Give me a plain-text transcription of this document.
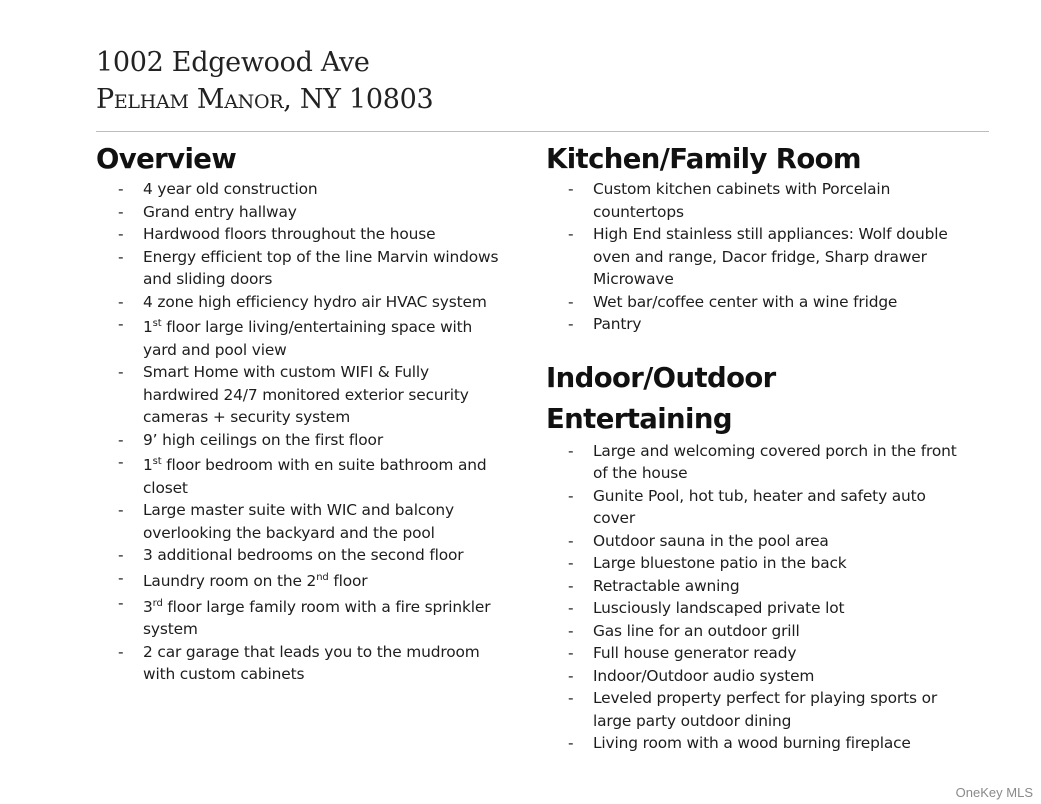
1002 Edgewood Ave
Pelham Manor, NY 10803
Overview
- 4 year old construction
- Grand entry hallway
- Hardwood floors throughout the house
- Energy efficient top of the line Marvin windows and sliding doors
- 4 zone high efficiency hydro air HVAC system
- 1st floor large living/entertaining space with yard and pool view
- Smart Home with custom WIFI & Fully hardwired 24/7 monitored exterior security cameras + security system
- 9’ high ceilings on the first floor
- 1st floor bedroom with en suite bathroom and closet
- Large master suite with WIC and balcony overlooking the backyard and the pool
- 3 additional bedrooms on the second floor
- Laundry room on the 2nd floor
- 3rd floor large family room with a fire sprinkler system
- 2 car garage that leads you to the mudroom with custom cabinets
Kitchen/Family Room
- Custom kitchen cabinets with Porcelain countertops
- High End stainless still appliances: Wolf double oven and range, Dacor fridge, Sharp drawer Microwave
- Wet bar/coffee center with a wine fridge
- Pantry
Indoor/Outdoor Entertaining
- Large and welcoming covered porch in the front of the house
- Gunite Pool, hot tub, heater and safety auto cover
- Outdoor sauna in the pool area
- Large bluestone patio in the back
- Retractable awning
- Lusciously landscaped private lot
- Gas line for an outdoor grill
- Full house generator ready
- Indoor/Outdoor audio system
- Leveled property perfect for playing sports or large party outdoor dining
- Living room with a wood burning fireplace
OneKey MLS
